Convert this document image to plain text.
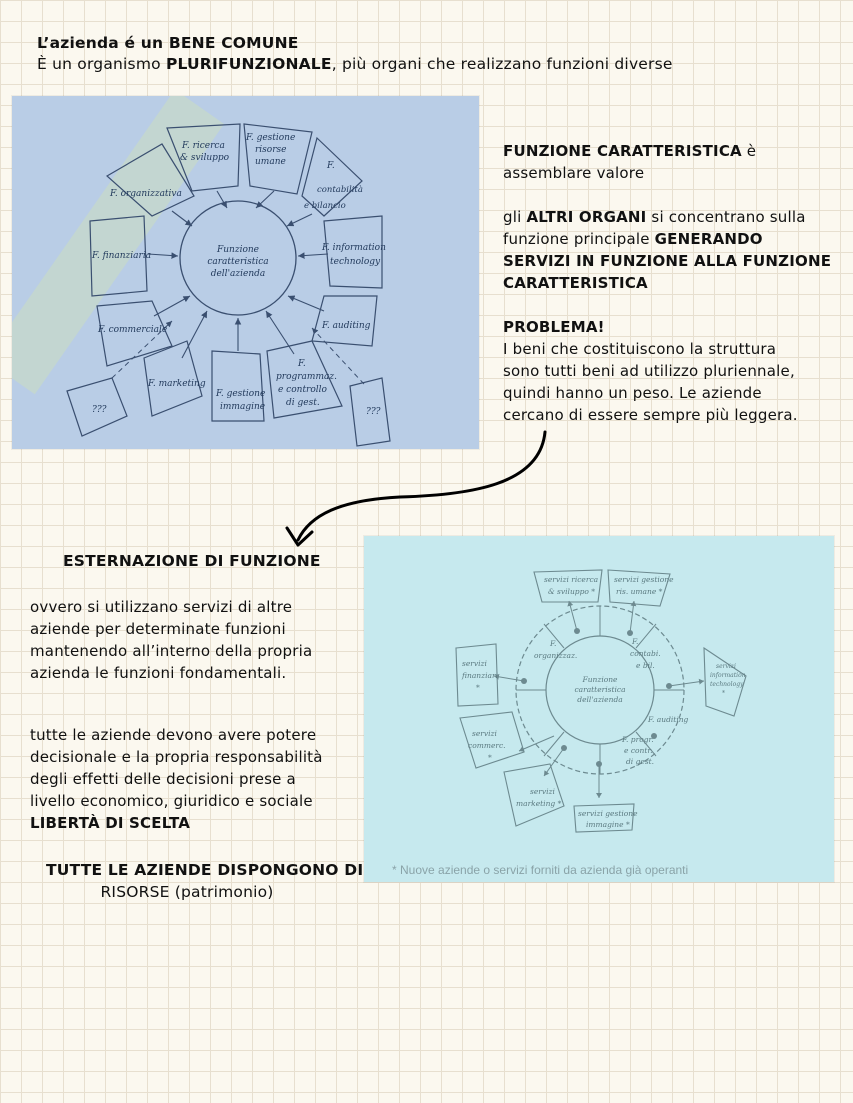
L’azienda é un BENE COMUNE
È un organismo PLURIFUNZIONALE, più organi che realizzano funzioni diverse
Funzione
caratteristica
dell'azienda
F. ricerca
& sviluppo
F. gestione
risorse
umane
F. organizzativa
F.
contabilità
e bilancio
F. finanziaria
F. information
technology
F. commerciale	F. auditing
F. marketing
F. gestione
immagine
F.
programmaz.
e controllo
di gest.
???	???
FUNZIONE CARATTERISTICA è
assemblare valore
gli ALTRI ORGANI si concentrano sulla
funzione principale GENERANDO
SERVIZI IN FUNZIONE ALLA FUNZIONE
CARATTERISTICA
PROBLEMA!
I beni che costituiscono la struttura
sono tutti beni ad utilizzo pluriennale,
quindi hanno un peso. Le aziende
cercano di essere sempre più leggera.
ESTERNAZIONE DI FUNZIONE
ovvero si utilizzano servizi di altre
aziende per determinate funzioni
mantenendo all’interno della propria
azienda le funzioni fondamentali.
tutte le aziende devono avere potere
decisionale e la propria responsabilità
degli effetti delle decisioni prese a
livello economico, giuridico e sociale
LIBERTÀ DI SCELTA
TUTTE LE AZIENDE DISPONGONO DI
RISORSE (patrimonio)
Funzione
caratteristica
dell'azienda
F.
organizzaz.
F.
contabi.
e bil.
F. auditing
F. progr.
e contr.
di gest.
servizi ricerca
& sviluppo *
servizi gestione
ris. umane *
servizi
finanziari
*
servizi
information
technology
*
servizi
commerc.
*
servizi
marketing *
servizi gestione
immagine *
* Nuove aziende o servizi forniti da azienda già operanti
